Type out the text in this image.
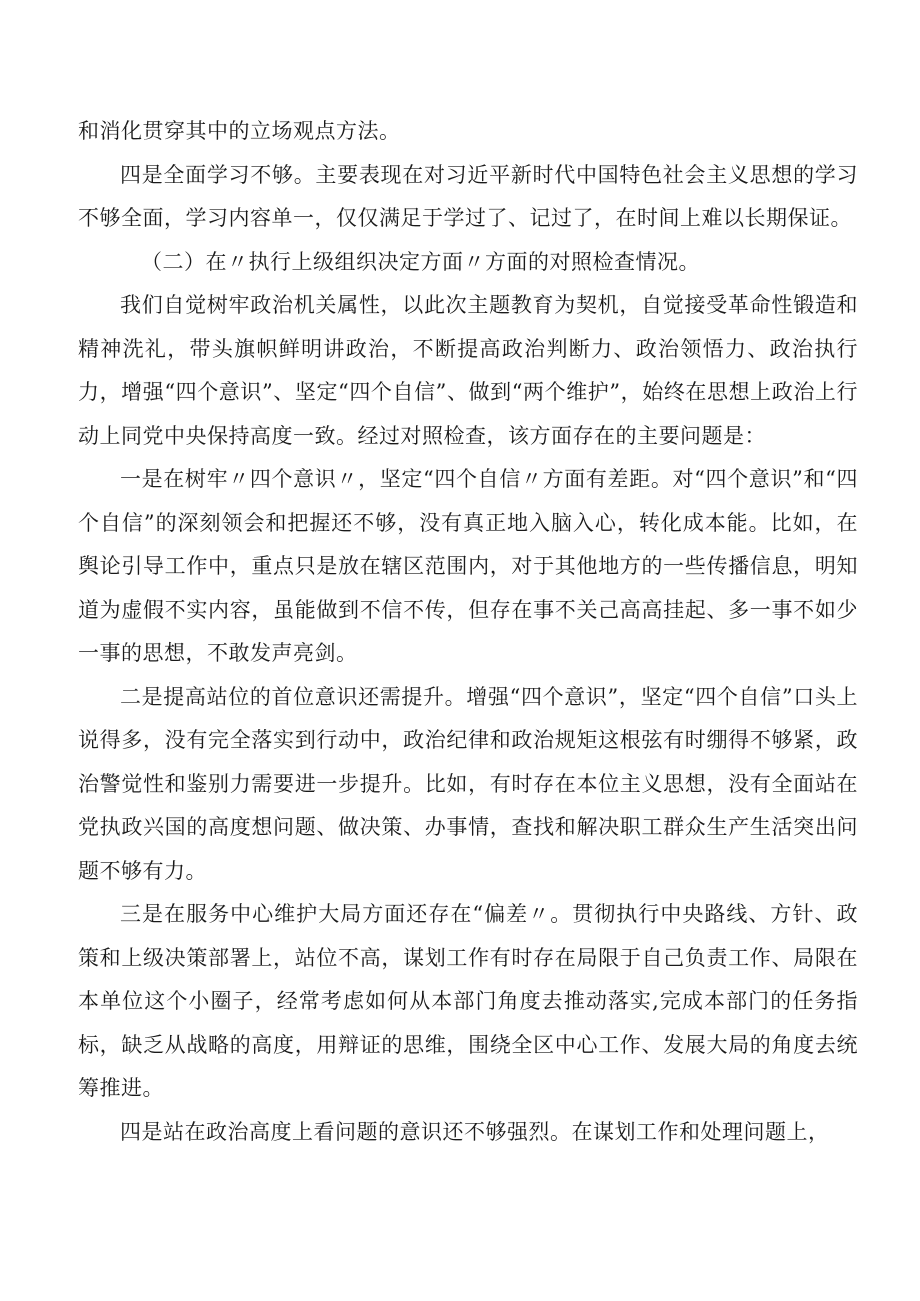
和消化贯穿其中的立场观点方法。

四是全面学习不够。主要表现在对习近平新时代中国特色社会主义思想的学习不够全面，学习内容单一，仅仅满足于学过了、记过了，在时间上难以长期保证。

（二）在〃执行上级组织决定方面〃方面的对照检查情况。

我们自觉树牢政治机关属性，以此次主题教育为契机，自觉接受革命性锻造和精神洗礼，带头旗帜鲜明讲政治，不断提高政治判断力、政治领悟力、政治执行力，增强“四个意识”、坚定“四个自信”、做到“两个维护”，始终在思想上政治上行动上同党中央保持高度一致。经过对照检查，该方面存在的主要问题是：

一是在树牢〃四个意识〃，坚定“四个自信〃方面有差距。对“四个意识”和“四个自信”的深刻领会和把握还不够，没有真正地入脑入心，转化成本能。比如，在舆论引导工作中，重点只是放在辖区范围内，对于其他地方的一些传播信息，明知道为虚假不实内容，虽能做到不信不传，但存在事不关己高高挂起、多一事不如少一事的思想，不敢发声亮剑。

二是提高站位的首位意识还需提升。增强“四个意识”，坚定“四个自信”口头上说得多，没有完全落实到行动中，政治纪律和政治规矩这根弦有时绷得不够紧，政治警觉性和鉴别力需要进一步提升。比如，有时存在本位主义思想，没有全面站在党执政兴国的高度想问题、做决策、办事情，查找和解决职工群众生产生活突出问题不够有力。

三是在服务中心维护大局方面还存在“偏差〃。贯彻执行中央路线、方针、政策和上级决策部署上，站位不高，谋划工作有时存在局限于自己负责工作、局限在本单位这个小圈子，经常考虑如何从本部门角度去推动落实,完成本部门的任务指标，缺乏从战略的高度，用辩证的思维，围绕全区中心工作、发展大局的角度去统筹推进。

四是站在政治高度上看问题的意识还不够强烈。在谋划工作和处理问题上，
